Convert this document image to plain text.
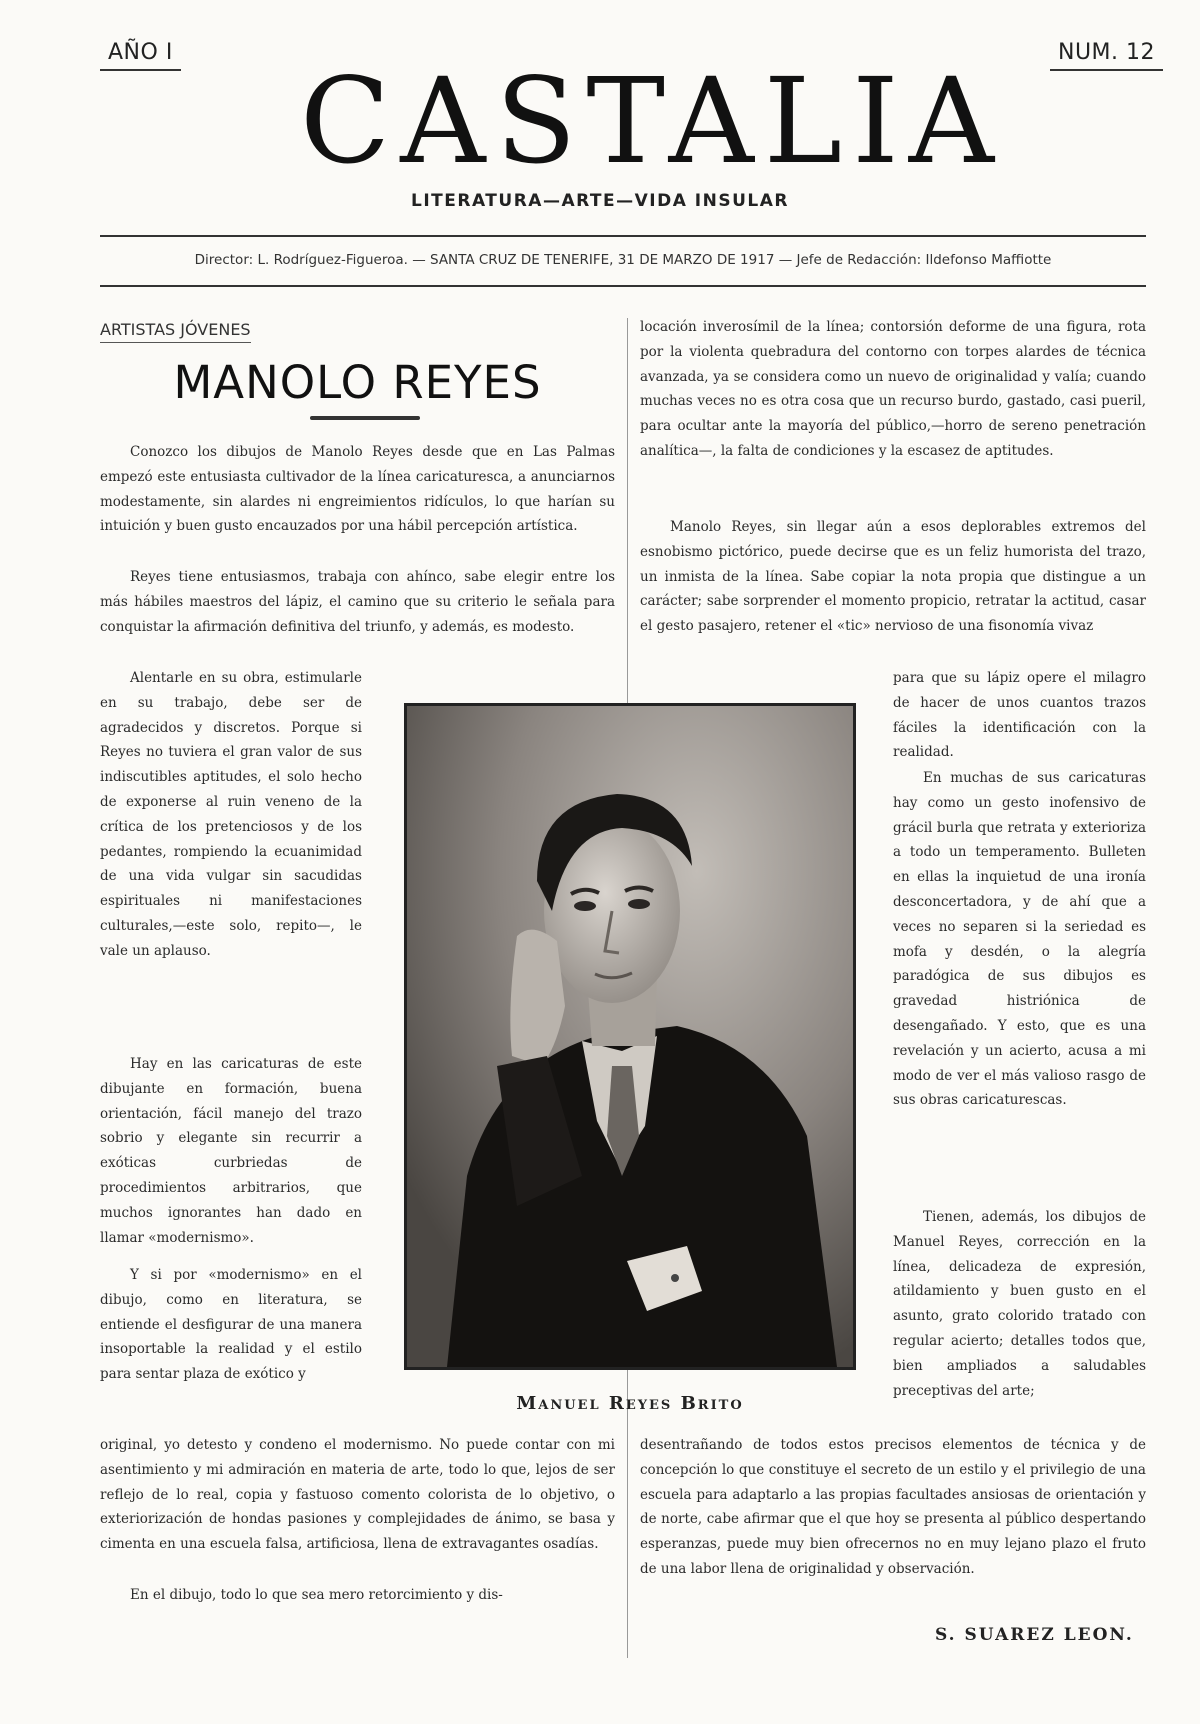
AÑO I	NUM. 12
CASTALIA
LITERATURA—ARTE—VIDA INSULAR
Director: L. Rodríguez-Figueroa. — SANTA CRUZ DE TENERIFE, 31 DE MARZO DE 1917 — Jefe de Redacción: Ildefonso Maffiotte
ARTISTAS JÓVENES
MANOLO REYES

Conozco los dibujos de Manolo Reyes desde que en Las Palmas empezó este entusiasta cultivador de la línea caricaturesca, a anunciarnos modestamente, sin alardes ni engreimientos ridículos, lo que harían su intuición y buen gusto encauzados por una hábil percepción artística.

Reyes tiene entusiasmos, trabaja con ahínco, sabe elegir entre los más hábiles maestros del lápiz, el camino que su criterio le señala para conquistar la afirmación definitiva del triunfo, y además, es modesto.

Alentarle en su obra, estimularle en su trabajo, debe ser de agradecidos y discretos. Porque si Reyes no tuviera el gran valor de sus indiscutibles aptitudes, el solo hecho de exponerse al ruin veneno de la crítica de los pretenciosos y de los pedantes, rompiendo la ecuanimidad de una vida vulgar sin sacudidas espirituales ni manifestaciones culturales,—este solo, repito—, le vale un aplauso.

Hay en las caricaturas de este dibujante en formación, buena orientación, fácil manejo del trazo sobrio y elegante sin recurrir a exóticas curbriedas de procedimientos arbitrarios, que muchos ignorantes han dado en llamar «modernismo».

Y si por «modernismo» en el dibujo, como en literatura, se entiende el desfigurar de una manera insoportable la realidad y el estilo para sentar plaza de exótico y

original, yo detesto y condeno el modernismo. No puede contar con mi asentimiento y mi admiración en materia de arte, todo lo que, lejos de ser reflejo de lo real, copia y fastuoso comento colorista de lo objetivo, o exteriorización de hondas pasiones y complejidades de ánimo, se basa y cimenta en una escuela falsa, artificiosa, llena de extravagantes osadías.

En el dibujo, todo lo que sea mero retorcimiento y dis-

locación inverosímil de la línea; contorsión deforme de una figura, rota por la violenta quebradura del contorno con torpes alardes de técnica avanzada, ya se considera como un nuevo de originalidad y valía; cuando muchas veces no es otra cosa que un recurso burdo, gastado, casi pueril, para ocultar ante la mayoría del público,—horro de sereno penetración analítica—, la falta de condiciones y la escasez de aptitudes.

Manolo Reyes, sin llegar aún a esos deplorables extremos del esnobismo pictórico, puede decirse que es un feliz humorista del trazo, un inmista de la línea. Sabe copiar la nota propia que distingue a un carácter; sabe sorprender el momento propicio, retratar la actitud, casar el gesto pasajero, retener el «tic» nervioso de una fisonomía vivaz

para que su lápiz opere el milagro de hacer de unos cuantos trazos fáciles la identificación con la realidad.

En muchas de sus caricaturas hay como un gesto inofensivo de grácil burla que retrata y exterioriza a todo un temperamento. Bulleten en ellas la inquietud de una ironía desconcertadora, y de ahí que a veces no separen si la seriedad es mofa y desdén, o la alegría paradógica de sus dibujos es gravedad histriónica de desengañado. Y esto, que es una revelación y un acierto, acusa a mi modo de ver el más valioso rasgo de sus obras caricaturescas.

Tienen, además, los dibujos de Manuel Reyes, corrección en la línea, delicadeza de expresión, atildamiento y buen gusto en el asunto, grato colorido tratado con regular acierto; detalles todos que, bien ampliados a saludables preceptivas del arte;

desentrañando de todos estos precisos elementos de técnica y de concepción lo que constituye el secreto de un estilo y el privilegio de una escuela para adaptarlo a las propias facultades ansiosas de orientación y de norte, cabe afirmar que el que hoy se presenta al público despertando esperanzas, puede muy bien ofrecernos no en muy lejano plazo el fruto de una labor llena de originalidad y observación.

S. SUAREZ LEON.
Manuel Reyes Brito
